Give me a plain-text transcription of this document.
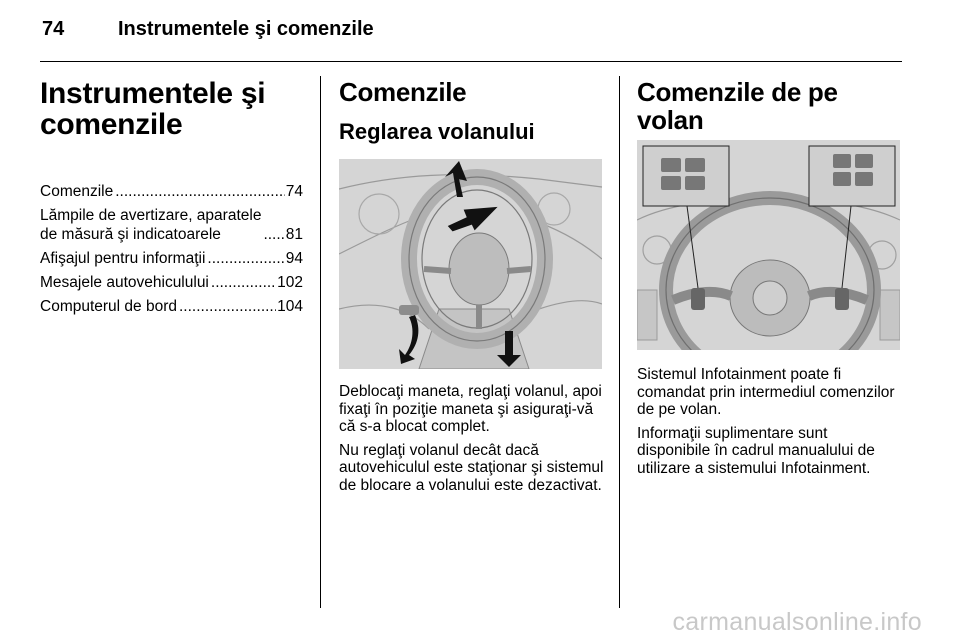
74	Instrumentele şi comenzile
Instrumentele şi comenzile
Comenzile .....	74
Lămpile de avertizare, aparatele
de măsură şi indicatoarele .....	81
Afişajul pentru informaţii .....	94
Mesajele autovehiculului .....	102
Computerul de bord .....	104
Comenzile
Reglarea volanului

Deblocaţi maneta, reglaţi volanul, apoi fixaţi în poziţie maneta şi asiguraţi-vă că s-a blocat complet.

Nu reglaţi volanul decât dacă autovehiculul este staţionar şi sistemul de blocare a volanului este dezactivat.

Comenzile de pe volan

Sistemul Infotainment poate fi comandat prin intermediul comenzilor de pe volan.

Informaţii suplimentare sunt disponibile în cadrul manualului de utilizare a sistemului Infotainment.

carmanualsonline.info
